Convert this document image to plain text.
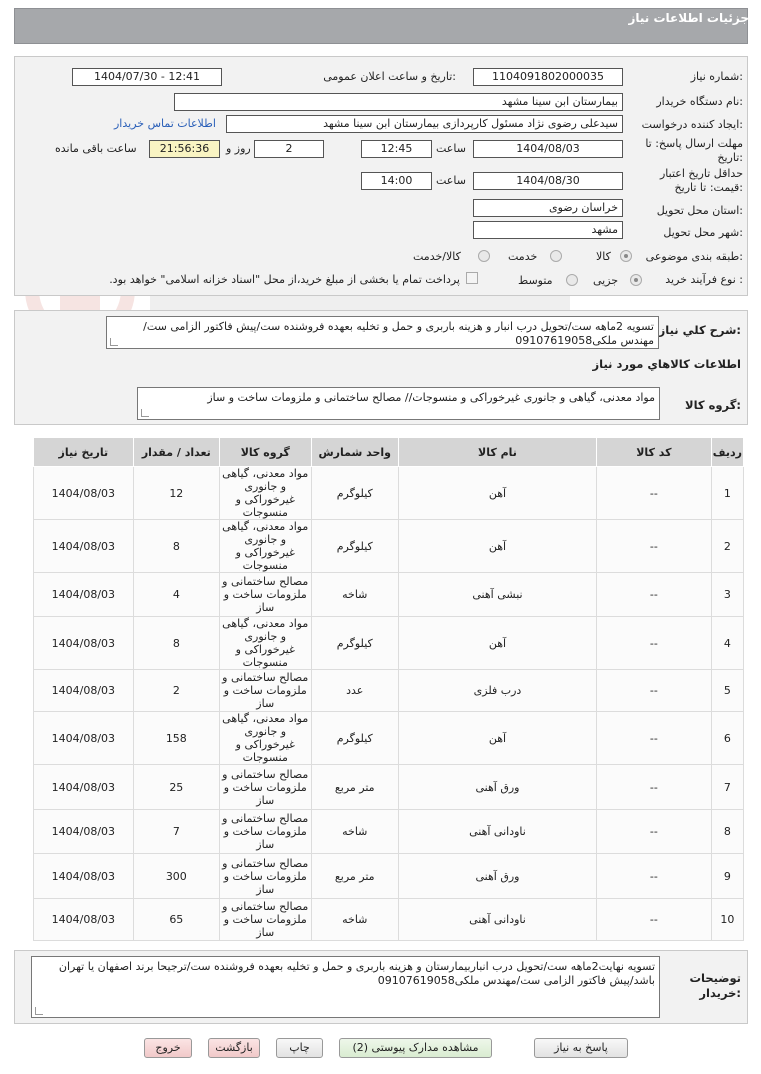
جزئیات اطلاعات نیاز
شماره نیاز:
1104091802000035
تاریخ و ساعت اعلان عمومی:
1404/07/30 - 12:41
نام دستگاه خریدار:
بیمارستان ابن سینا مشهد
ایجاد کننده درخواست:
سیدعلی رضوی نژاد مسئول کارپردازی بیمارستان ابن سینا مشهد
اطلاعات تماس خریدار
مهلت ارسال پاسخ: تا تاریخ:
1404/08/03
ساعت
12:45
2
روز و
21:56:36
ساعت باقی مانده
حداقل تاریخ اعتبار قیمت: تا تاریخ:
1404/08/30
ساعت
14:00
استان محل تحویل:
خراسان رضوی
شهر محل تحویل:
مشهد
طبقه بندی موضوعی:
کالا
خدمت
کالا/خدمت
نوع فرآیند خرید :
جزیی
متوسط
پرداخت تمام یا بخشی از مبلغ خرید،از محل "اسناد خزانه اسلامی" خواهد بود.
شرح کلي نياز:
تسویه 2ماهه ست/تحویل درب انبار و هزینه باربری و حمل و تخلیه بعهده فروشنده ست/پیش فاکتور الزامی ست/مهندس ملکی09107619058
اطلاعات کالاهاي مورد نياز
گروه کالا:
مواد معدنی، گیاهی و جانوری غیرخوراکی و منسوجات// مصالح ساختمانی و ملزومات ساخت و ساز
ردیف	کد کالا	نام کالا	واحد شمارش	گروه کالا	تعداد / مقدار	تاریخ نیاز
1	--	آهن	کیلوگرم	مواد معدنی، گیاهی و جانوری غیرخوراکی و منسوجات	12	1404/08/03
2	--	آهن	کیلوگرم	مواد معدنی، گیاهی و جانوری غیرخوراکی و منسوجات	8	1404/08/03
3	--	نبشی آهنی	شاخه	مصالح ساختمانی و ملزومات ساخت و ساز	4	1404/08/03
4	--	آهن	کیلوگرم	مواد معدنی، گیاهی و جانوری غیرخوراکی و منسوجات	8	1404/08/03
5	--	درب فلزی	عدد	مصالح ساختمانی و ملزومات ساخت و ساز	2	1404/08/03
6	--	آهن	کیلوگرم	مواد معدنی، گیاهی و جانوری غیرخوراکی و منسوجات	158	1404/08/03
7	--	ورق آهنی	متر مربع	مصالح ساختمانی و ملزومات ساخت و ساز	25	1404/08/03
8	--	ناودانی آهنی	شاخه	مصالح ساختمانی و ملزومات ساخت و ساز	7	1404/08/03
9	--	ورق آهنی	متر مربع	مصالح ساختمانی و ملزومات ساخت و ساز	300	1404/08/03
10	--	ناودانی آهنی	شاخه	مصالح ساختمانی و ملزومات ساخت و ساز	65	1404/08/03
توضیحات خریدار:
تسویه نهایت2ماهه ست/تحویل درب انباربیمارستان و هزینه باربری و حمل و تخلیه بعهده فروشنده ست/ترجیحا برند اصفهان یا تهران باشد/پیش فاکتور الزامی ست/مهندس ملکی09107619058
پاسخ به نیاز
مشاهده مدارک پیوستی (2)
چاپ
بازگشت
خروج
